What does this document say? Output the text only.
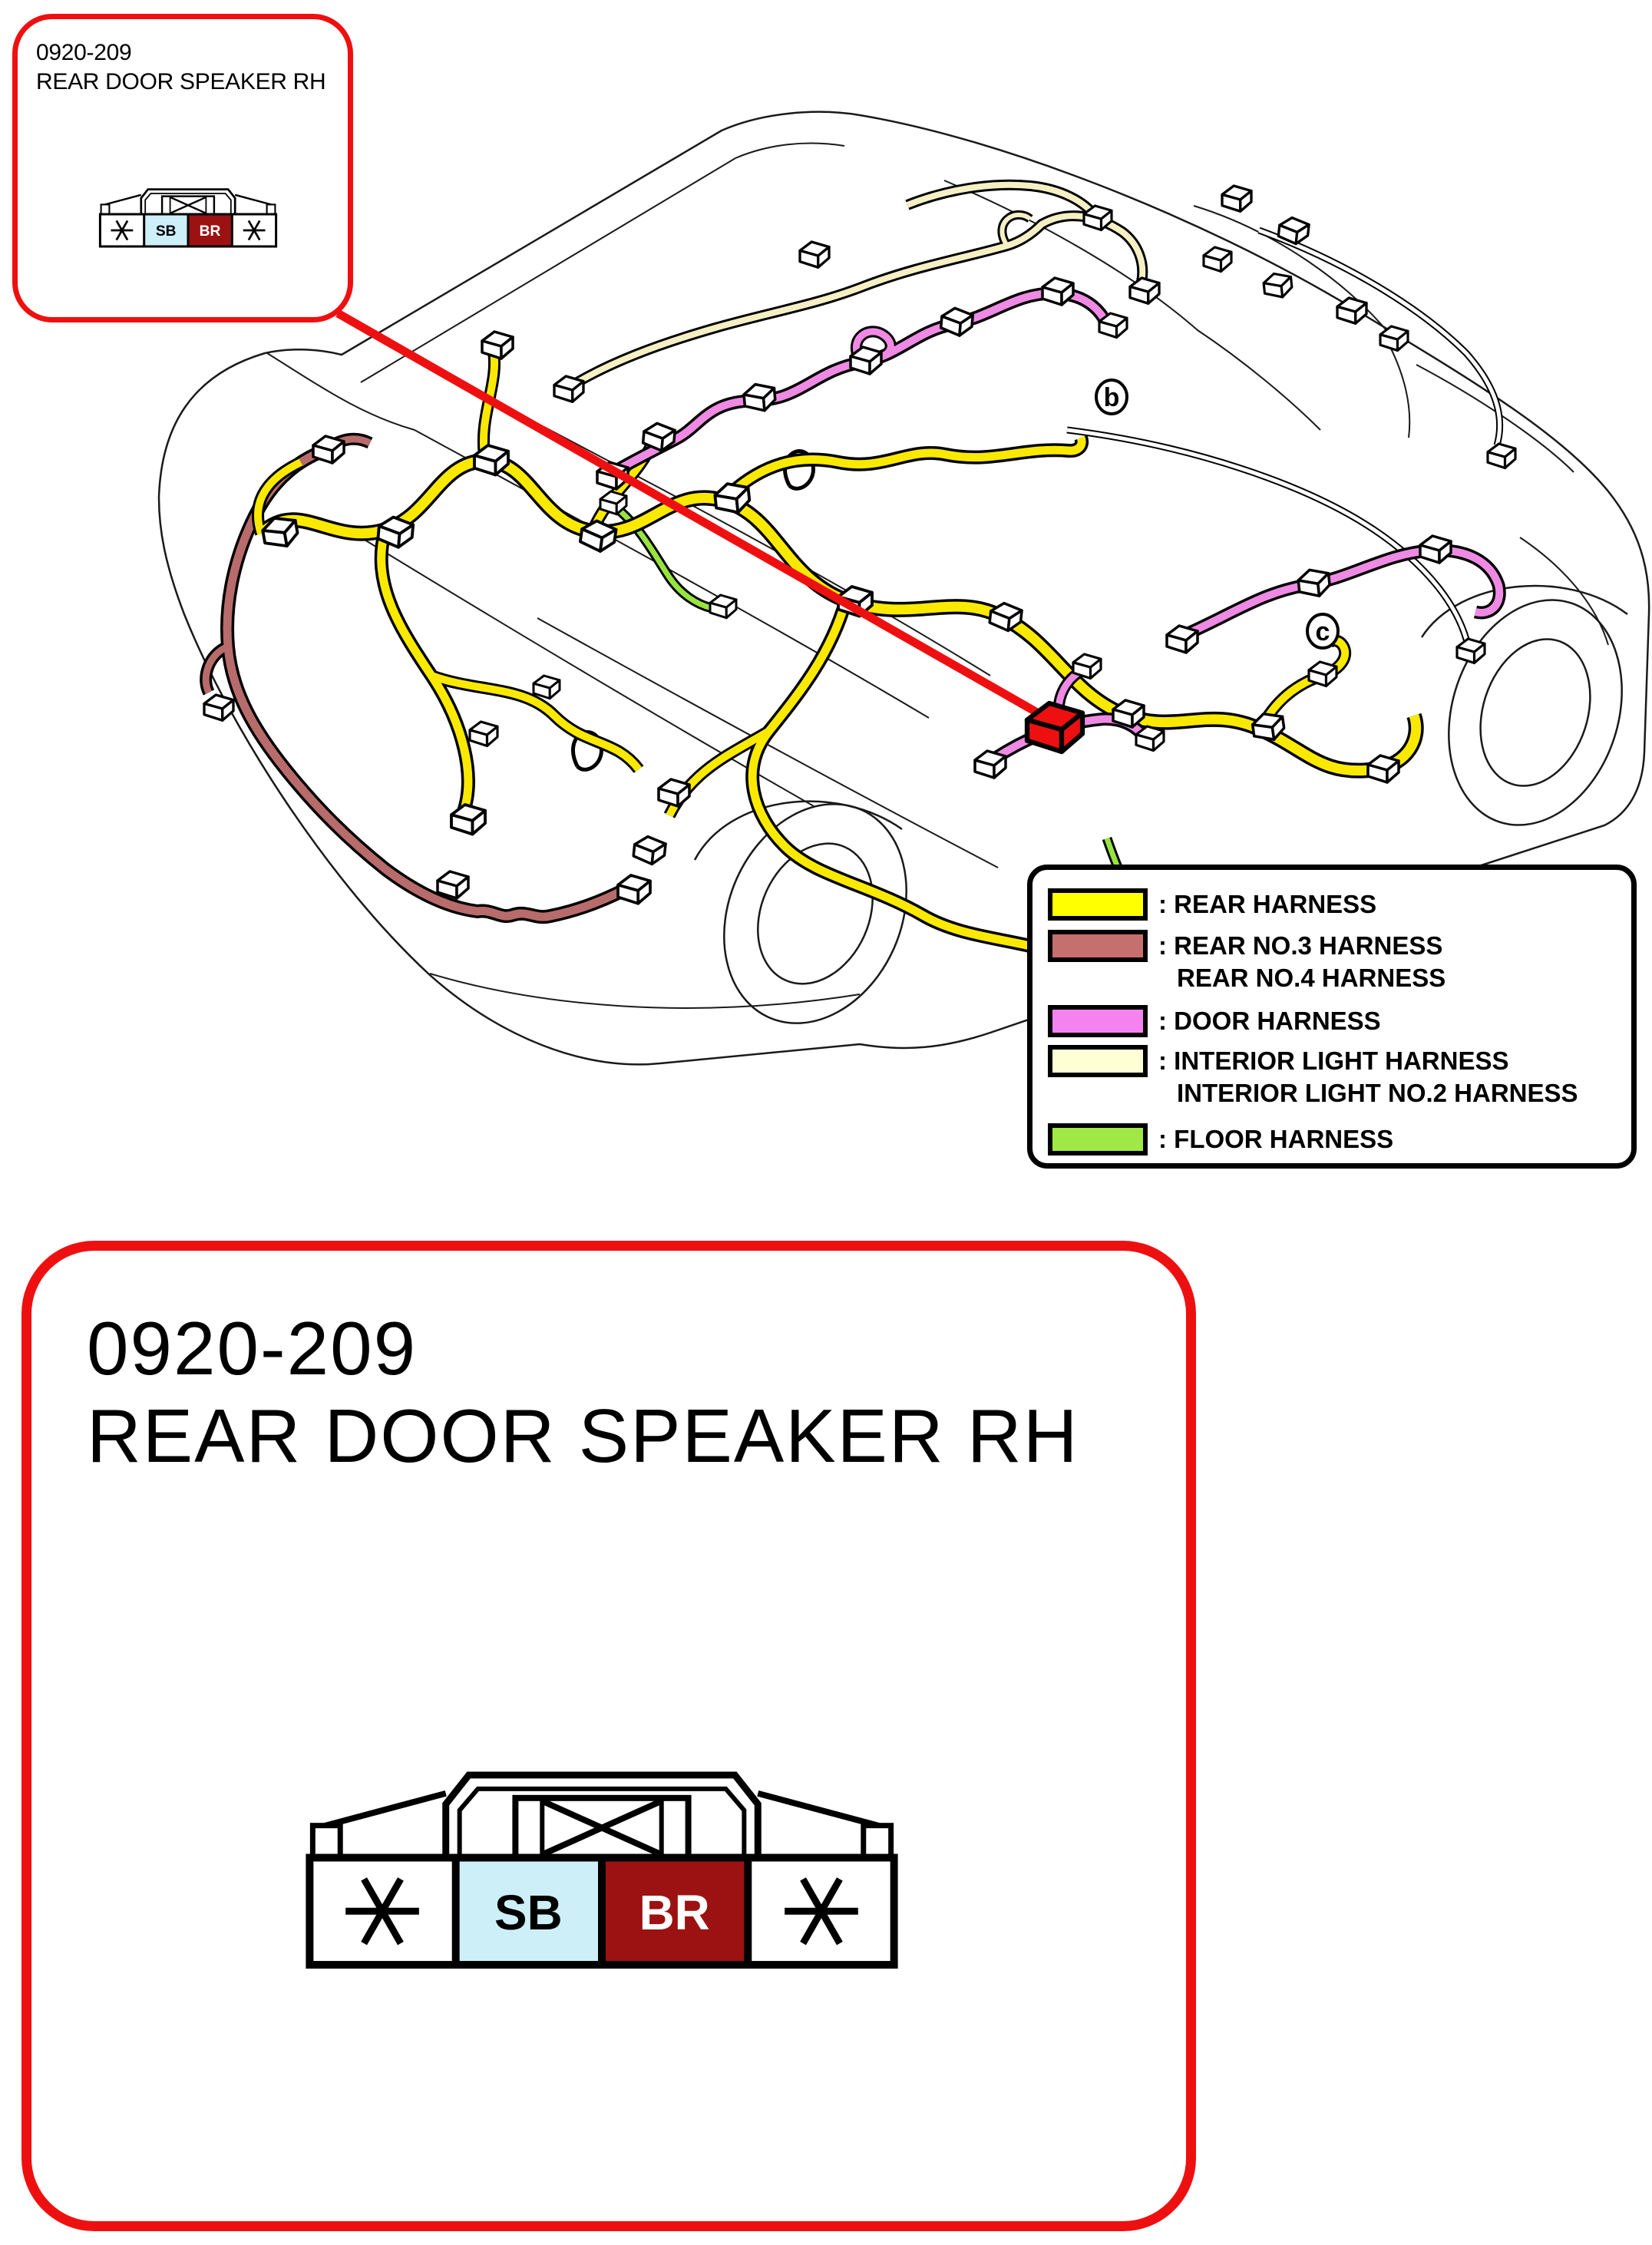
b
c
: REAR HARNESS
: REAR NO.3 HARNESS
REAR NO.4 HARNESS
: DOOR HARNESS
: INTERIOR LIGHT HARNESS
INTERIOR LIGHT NO.2 HARNESS
: FLOOR HARNESS
0920-209
REAR DOOR SPEAKER RH
SB BR
0920-209
REAR DOOR SPEAKER RH
SB BR
